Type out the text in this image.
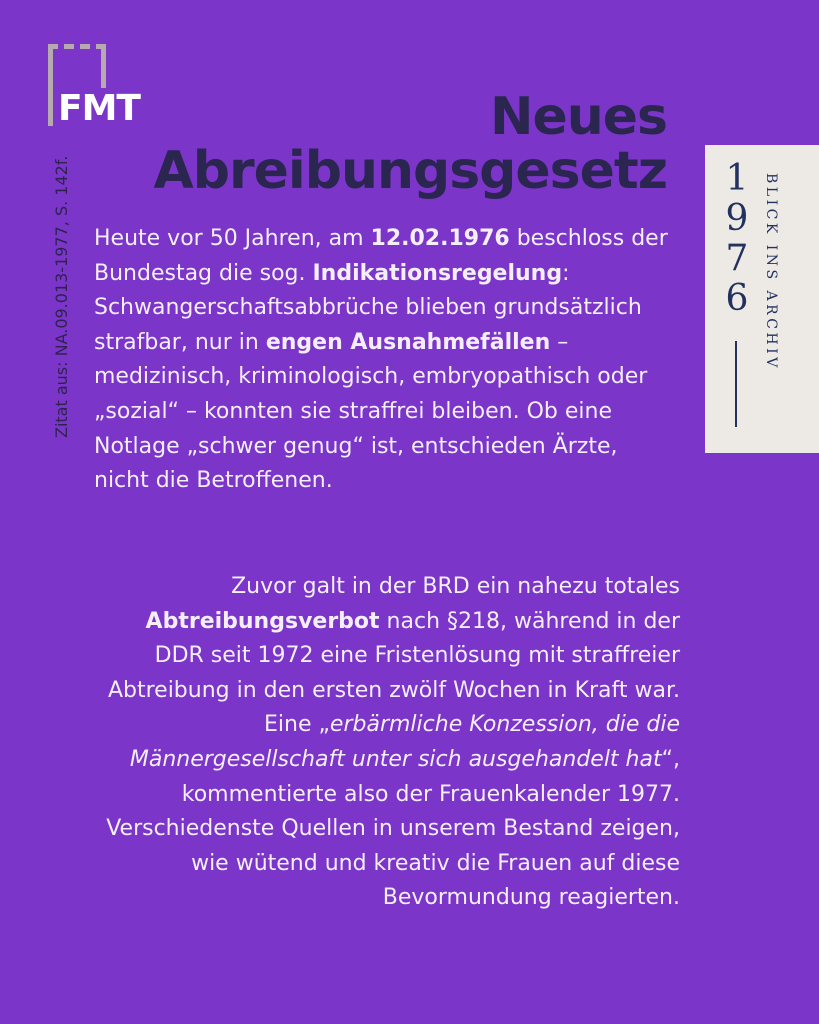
FMT
Zitat aus: NA.09.013-1977, S. 142f.
Neues
Abreibungsgesetz 1
9
7
6 BLICK INS ARCHIV
Heute vor 50 Jahren, am 12.02.1976 beschloss der Bundestag die sog. Indikationsregelung: Schwangerschaftsabbrüche blieben grundsätzlich strafbar, nur in engen Ausnahmefällen – medizinisch, kriminologisch, embryopathisch oder „sozial“ – konnten sie straffrei bleiben. Ob eine Notlage „schwer genug“ ist, entschieden Ärzte, nicht die Betroffenen.
Zuvor galt in der BRD ein nahezu totales Abtreibungsverbot nach §218, während in der DDR seit 1972 eine Fristenlösung mit straffreier Abtreibung in den ersten zwölf Wochen in Kraft war. Eine „erbärmliche Konzession, die die Männergesellschaft unter sich ausgehandelt hat“, kommentierte also der Frauenkalender 1977. Verschiedenste Quellen in unserem Bestand zeigen, wie wütend und kreativ die Frauen auf diese Bevormundung reagierten.
